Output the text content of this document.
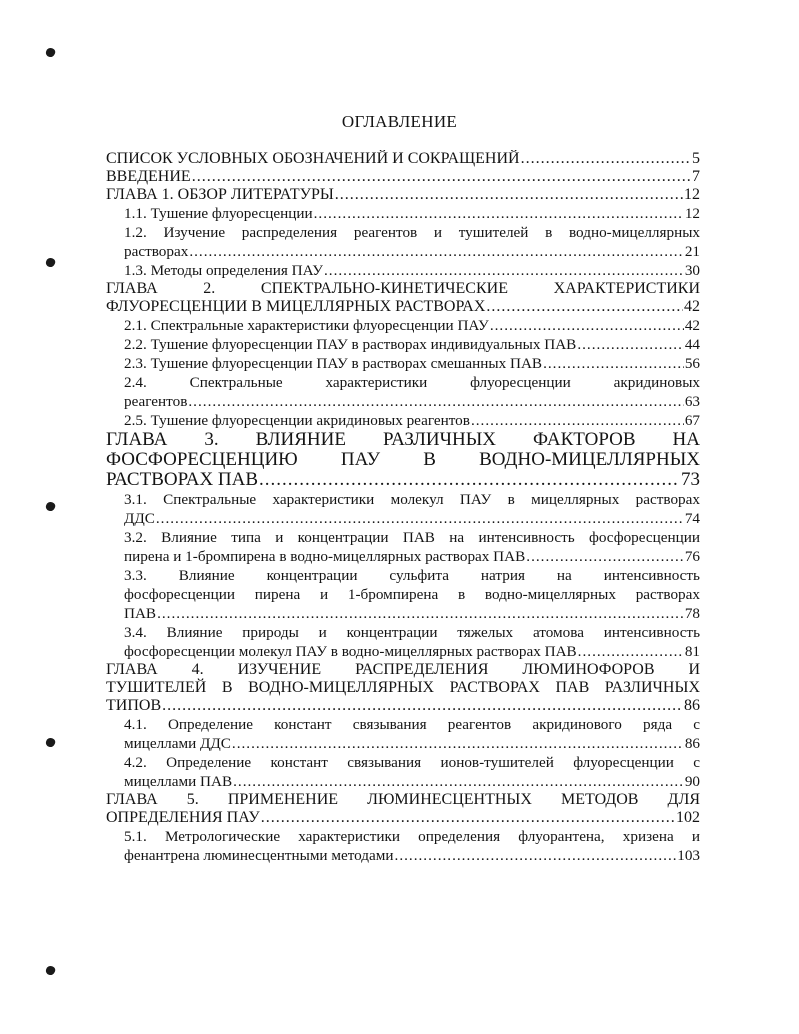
ОГЛАВЛЕНИЕ
СПИСОК УСЛОВНЫХ ОБОЗНАЧЕНИЙ И СОКРАЩЕНИЙ .....	5
ВВЕДЕНИЕ .....	7
ГЛАВА 1. ОБЗОР ЛИТЕРАТУРЫ .....	12
1.1. Тушение флуоресценции .....	12
1.2. Изучение распределения реагентов и тушителей в водно-мицеллярных
растворах .....	21
1.3. Методы определения ПАУ .....	30
ГЛАВА 2. СПЕКТРАЛЬНО-КИНЕТИЧЕСКИЕ ХАРАКТЕРИСТИКИ
ФЛУОРЕСЦЕНЦИИ В МИЦЕЛЛЯРНЫХ РАСТВОРАХ .....	42
2.1. Спектральные характеристики флуоресценции ПАУ .....	42
2.2. Тушение флуоресценции ПАУ в растворах индивидуальных ПАВ .....	44
2.3. Тушение флуоресценции ПАУ в растворах смешанных ПАВ .....	56
2.4. Спектральные характеристики флуоресценции акридиновых
реагентов .....	63
2.5. Тушение флуоресценции акридиновых реагентов .....	67
ГЛАВА 3. ВЛИЯНИЕ РАЗЛИЧНЫХ ФАКТОРОВ НА
ФОСФОРЕСЦЕНЦИЮ ПАУ В ВОДНО-МИЦЕЛЛЯРНЫХ
РАСТВОРАХ ПАВ .....	73
3.1. Спектральные характеристики молекул ПАУ в мицеллярных растворах
ДДС .....	74
3.2. Влияние типа и концентрации ПАВ на интенсивность фосфоресценции
пирена и 1-бромпирена в водно-мицеллярных растворах ПАВ .....	76
3.3. Влияние концентрации сульфита натрия на интенсивность
фосфоресценции пирена и 1-бромпирена в водно-мицеллярных растворах
ПАВ .....	78
3.4. Влияние природы и концентрации тяжелых атомова интенсивность
фосфоресценции молекул ПАУ в водно-мицеллярных растворах ПАВ .....	81
ГЛАВА 4. ИЗУЧЕНИЕ РАСПРЕДЕЛЕНИЯ ЛЮМИНОФОРОВ И
ТУШИТЕЛЕЙ В ВОДНО-МИЦЕЛЛЯРНЫХ РАСТВОРАХ ПАВ РАЗЛИЧНЫХ
ТИПОВ .....	86
4.1. Определение констант связывания реагентов акридинового ряда с
мицеллами ДДС .....	86
4.2. Определение констант связывания ионов-тушителей флуоресценции с
мицеллами ПАВ .....	90
ГЛАВА 5. ПРИМЕНЕНИЕ ЛЮМИНЕСЦЕНТНЫХ МЕТОДОВ ДЛЯ
ОПРЕДЕЛЕНИЯ ПАУ .....	102
5.1. Метрологические характеристики определения флуорантена, хризена и
фенантрена люминесцентными методами .....	103
